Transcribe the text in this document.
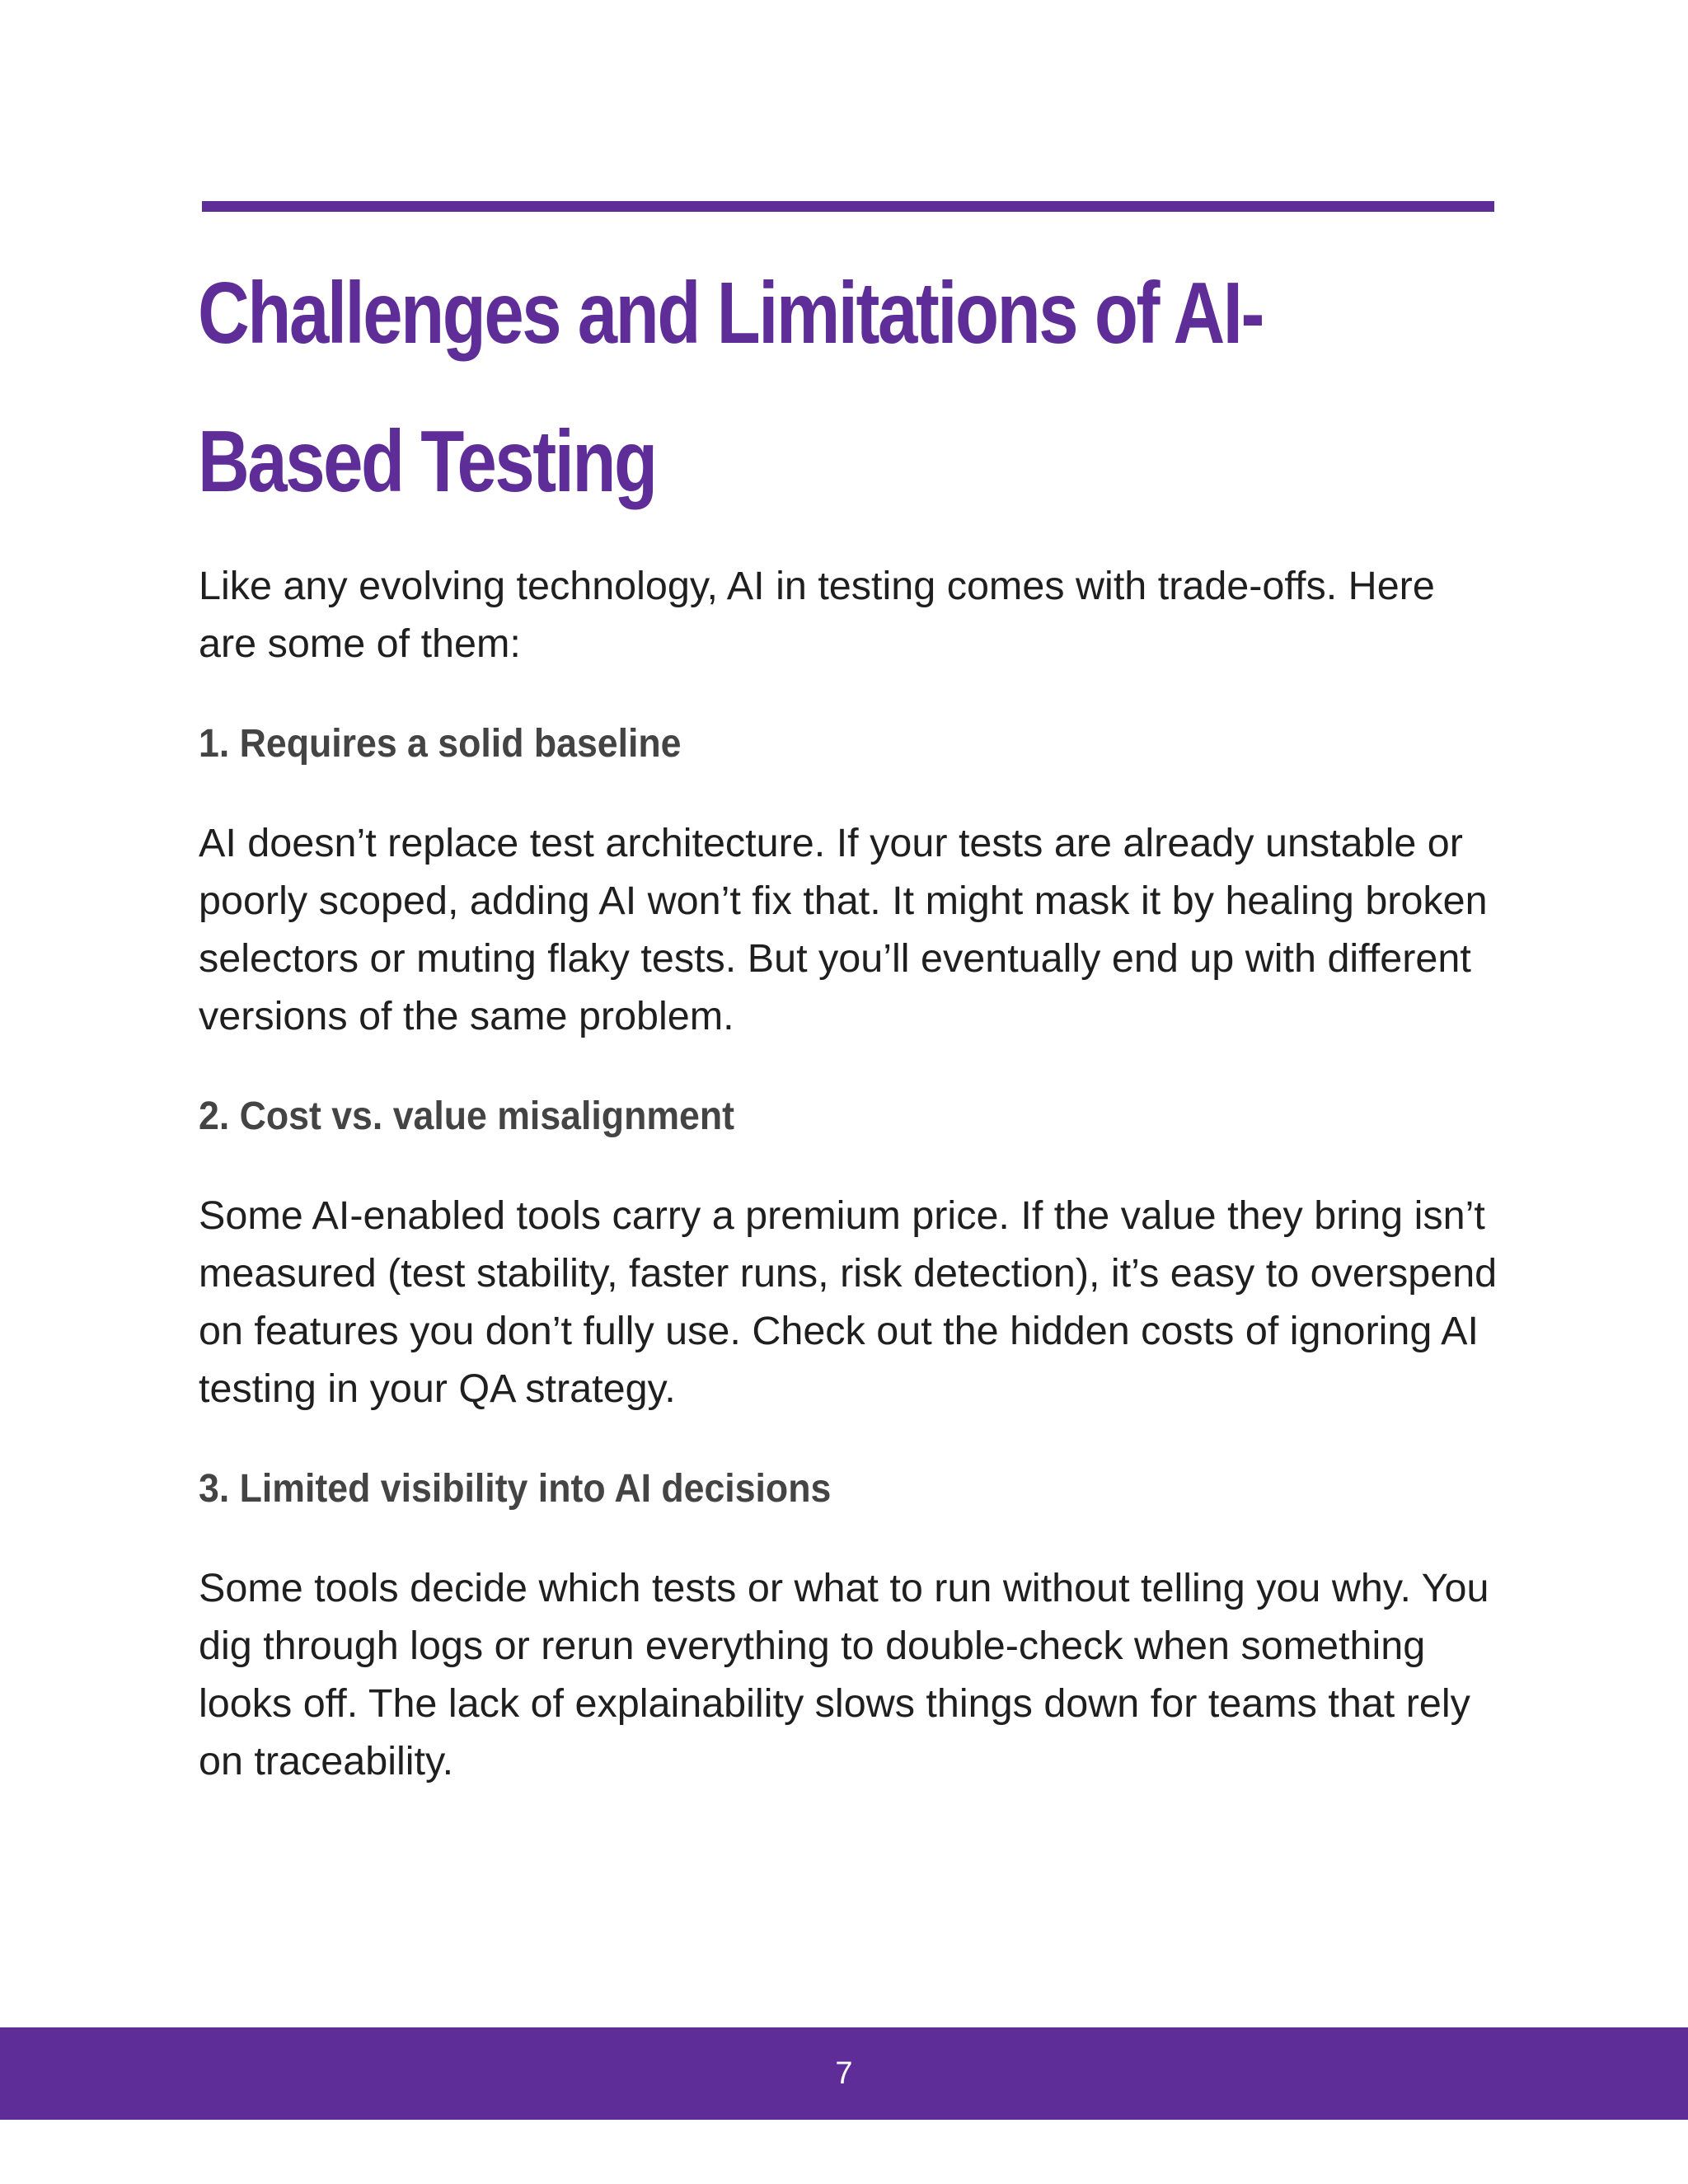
Challenges and Limitations of AI-Based Testing

Like any evolving technology, AI in testing comes with trade-offs. Here are some of them:

1. Requires a solid baseline

AI doesn’t replace test architecture. If your tests are already unstable or poorly scoped, adding AI won’t fix that. It might mask it by healing broken selectors or muting flaky tests. But you’ll eventually end up with different versions of the same problem.

2. Cost vs. value misalignment

Some AI-enabled tools carry a premium price. If the value they bring isn’t measured (test stability, faster runs, risk detection), it’s easy to overspend on features you don’t fully use. Check out the hidden costs of ignoring AI testing in your QA strategy.

3. Limited visibility into AI decisions

Some tools decide which tests or what to run without telling you why. You dig through logs or rerun everything to double-check when something looks off. The lack of explainability slows things down for teams that rely on traceability.

7
